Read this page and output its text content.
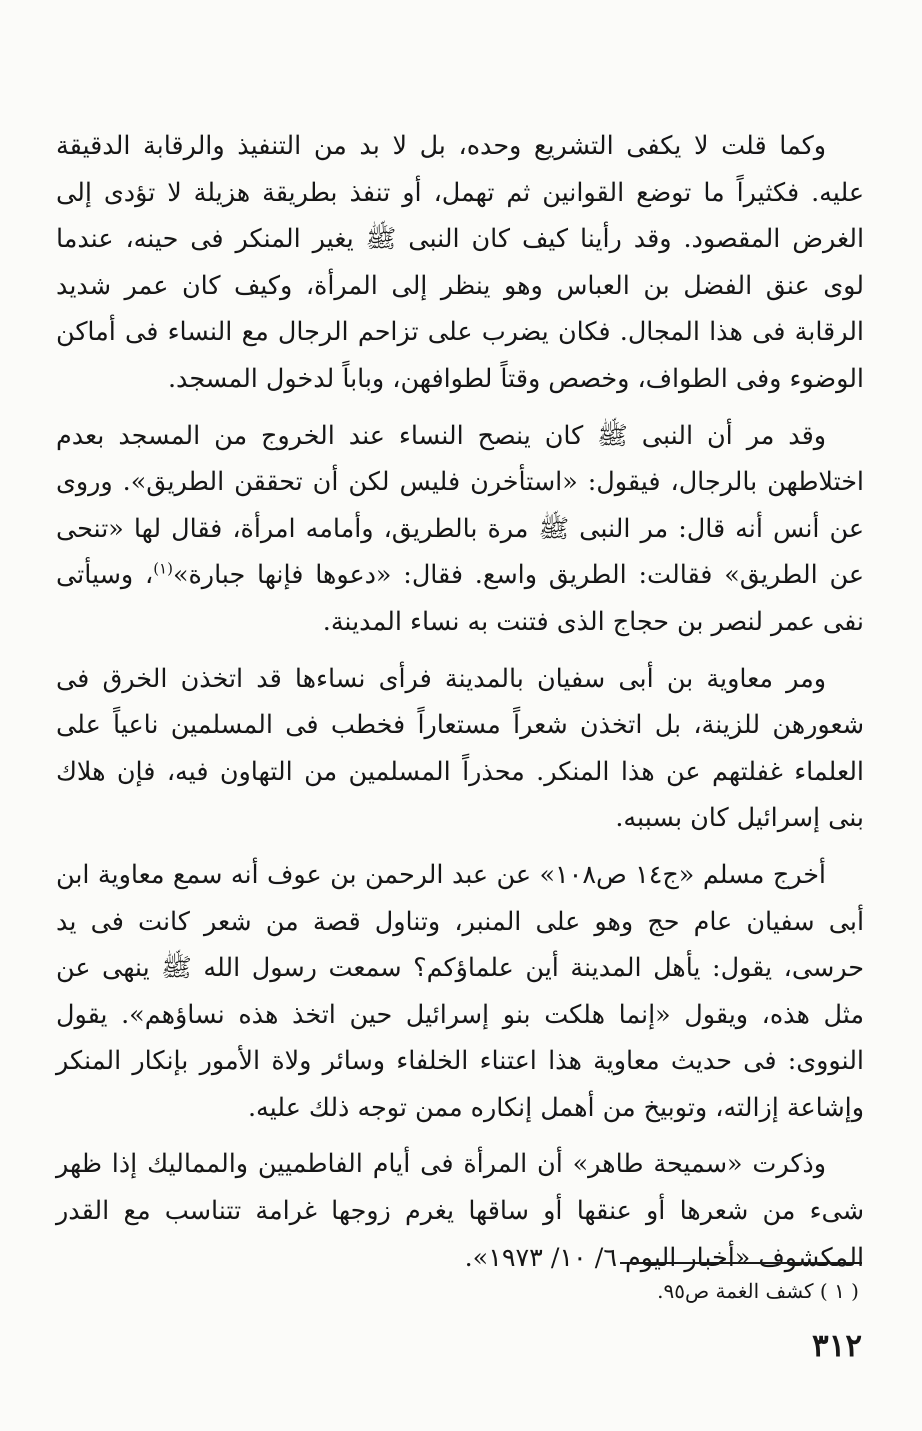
وكما قلت لا يكفى التشريع وحده، بل لا بد من التنفيذ والرقابة الدقيقة عليه. فكثيراً ما توضع القوانين ثم تهمل، أو تنفذ بطريقة هزيلة لا تؤدى إلى الغرض المقصود. وقد رأينا كيف كان النبى ﷺ يغير المنكر فى حينه، عندما لوى عنق الفضل بن العباس وهو ينظر إلى المرأة، وكيف كان عمر شديد الرقابة فى هذا المجال. فكان يضرب على تزاحم الرجال مع النساء فى أماكن الوضوء وفى الطواف، وخصص وقتاً لطوافهن، وباباً لدخول المسجد.

وقد مر أن النبى ﷺ كان ينصح النساء عند الخروج من المسجد بعدم اختلاطهن بالرجال، فيقول: «استأخرن فليس لكن أن تحققن الطريق». وروى عن أنس أنه قال: مر النبى ﷺ مرة بالطريق، وأمامه امرأة، فقال لها «تنحى عن الطريق» فقالت: الطريق واسع. فقال: «دعوها فإنها جبارة»$^{(١)}$، وسيأتى نفى عمر لنصر بن حجاج الذى فتنت به نساء المدينة.

ومر معاوية بن أبى سفيان بالمدينة فرأى نساءها قد اتخذن الخرق فى شعورهن للزينة، بل اتخذن شعراً مستعاراً فخطب فى المسلمين ناعياً على العلماء غفلتهم عن هذا المنكر. محذراً المسلمين من التهاون فيه، فإن هلاك بنى إسرائيل كان بسببه.

أخرج مسلم «ج١٤ ص١٠٨» عن عبد الرحمن بن عوف أنه سمع معاوية ابن أبى سفيان عام حج وهو على المنبر، وتناول قصة من شعر كانت فى يد حرسى، يقول: يأهل المدينة أين علماؤكم؟ سمعت رسول الله ﷺ ينهى عن مثل هذه، ويقول «إنما هلكت بنو إسرائيل حين اتخذ هذه نساؤهم». يقول النووى: فى حديث معاوية هذا اعتناء الخلفاء وسائر ولاة الأمور بإنكار المنكر وإشاعة إزالته، وتوبيخ من أهمل إنكاره ممن توجه ذلك عليه.

وذكرت «سميحة طاهر» أن المرأة فى أيام الفاطميين والمماليك إذا ظهر شىء من شعرها أو عنقها أو ساقها يغرم زوجها غرامة تتناسب مع القدر المكشوف «أخبار اليوم ٦/ ١٠/ ١٩٧٣».

( ١ ) كشف الغمة ص٩٥.
٣١٢
